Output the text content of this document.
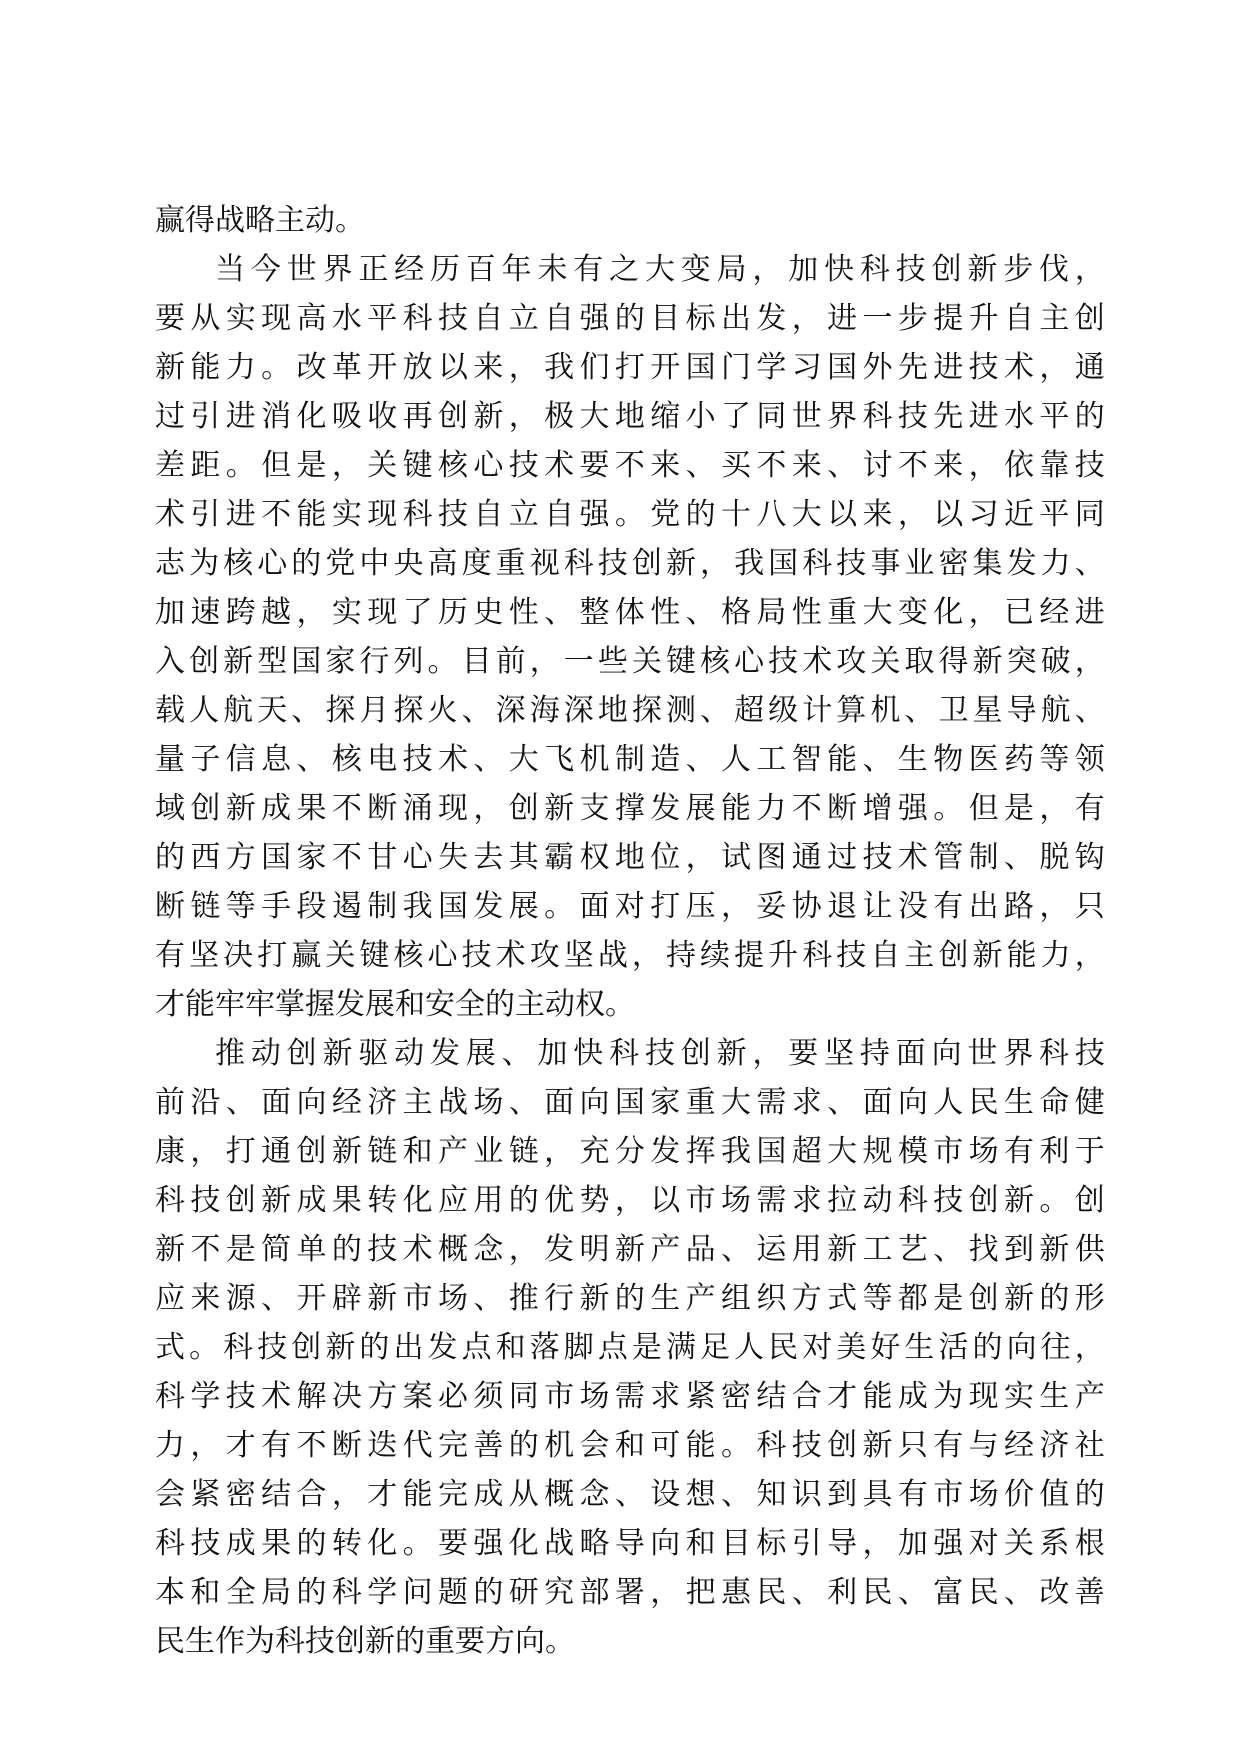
赢 得 战 略 主 动 。
当 今 世 界 正 经 历 百 年 未 有 之 大 变 局 ， 加 快 科 技 创 新 步 伐 ，
要 从 实 现 高 水 平 科 技 自 立 自 强 的 目 标 出 发 ， 进 一 步 提 升 自 主 创
新 能 力 。 改 革 开 放 以 来 ， 我 们 打 开 国 门 学 习 国 外 先 进 技 术 ， 通
过 引 进 消 化 吸 收 再 创 新 ， 极 大 地 缩 小 了 同 世 界 科 技 先 进 水 平 的
差 距 。 但 是 ， 关 键 核 心 技 术 要 不 来 、 买 不 来 、 讨 不 来 ， 依 靠 技
术 引 进 不 能 实 现 科 技 自 立 自 强 。 党 的 十 八 大 以 来 ， 以 习 近 平 同
志 为 核 心 的 党 中 央 高 度 重 视 科 技 创 新 ， 我 国 科 技 事 业 密 集 发 力 、
加 速 跨 越 ， 实 现 了 历 史 性 、 整 体 性 、 格 局 性 重 大 变 化 ， 已 经 进
入 创 新 型 国 家 行 列 。 目 前 ， 一 些 关 键 核 心 技 术 攻 关 取 得 新 突 破 ，
载 人 航 天 、 探 月 探 火 、 深 海 深 地 探 测 、 超 级 计 算 机 、 卫 星 导 航 、
量 子 信 息 、 核 电 技 术 、 大 飞 机 制 造 、 人 工 智 能 、 生 物 医 药 等 领
域 创 新 成 果 不 断 涌 现 ， 创 新 支 撑 发 展 能 力 不 断 增 强 。 但 是 ， 有
的 西 方 国 家 不 甘 心 失 去 其 霸 权 地 位 ， 试 图 通 过 技 术 管 制 、 脱 钩
断 链 等 手 段 遏 制 我 国 发 展 。 面 对 打 压 ， 妥 协 退 让 没 有 出 路 ， 只
有 坚 决 打 赢 关 键 核 心 技 术 攻 坚 战 ， 持 续 提 升 科 技 自 主 创 新 能 力 ，
才 能 牢 牢 掌 握 发 展 和 安 全 的 主 动 权 。
推 动 创 新 驱 动 发 展 、 加 快 科 技 创 新 ， 要 坚 持 面 向 世 界 科 技
前 沿 、 面 向 经 济 主 战 场 、 面 向 国 家 重 大 需 求 、 面 向 人 民 生 命 健
康 ， 打 通 创 新 链 和 产 业 链 ， 充 分 发 挥 我 国 超 大 规 模 市 场 有 利 于
科 技 创 新 成 果 转 化 应 用 的 优 势 ， 以 市 场 需 求 拉 动 科 技 创 新 。 创
新 不 是 简 单 的 技 术 概 念 ， 发 明 新 产 品 、 运 用 新 工 艺 、 找 到 新 供
应 来 源 、 开 辟 新 市 场 、 推 行 新 的 生 产 组 织 方 式 等 都 是 创 新 的 形
式 。 科 技 创 新 的 出 发 点 和 落 脚 点 是 满 足 人 民 对 美 好 生 活 的 向 往 ，
科 学 技 术 解 决 方 案 必 须 同 市 场 需 求 紧 密 结 合 才 能 成 为 现 实 生 产
力 ， 才 有 不 断 迭 代 完 善 的 机 会 和 可 能 。 科 技 创 新 只 有 与 经 济 社
会 紧 密 结 合 ， 才 能 完 成 从 概 念 、 设 想 、 知 识 到 具 有 市 场 价 值 的
科 技 成 果 的 转 化 。 要 强 化 战 略 导 向 和 目 标 引 导 ， 加 强 对 关 系 根
本 和 全 局 的 科 学 问 题 的 研 究 部 署 ， 把 惠 民 、 利 民 、 富 民 、 改 善
民 生 作 为 科 技 创 新 的 重 要 方 向 。
